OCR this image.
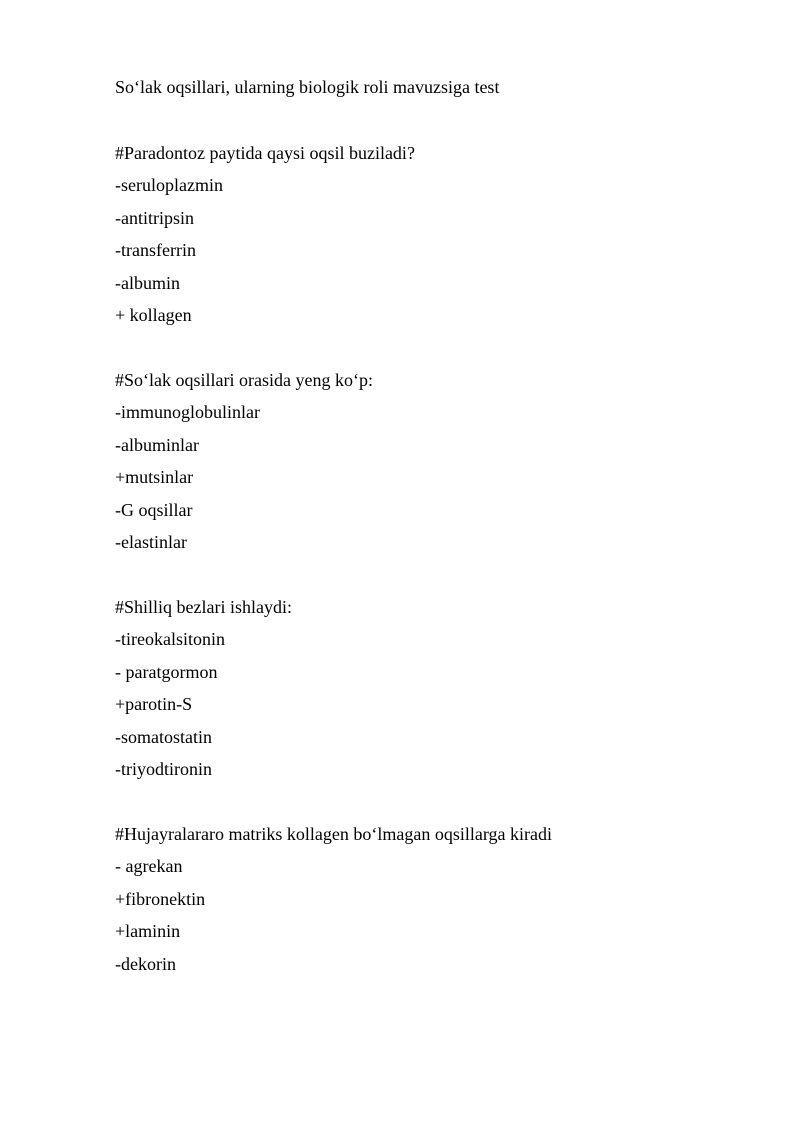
So‘lak oqsillari, ularning biologik roli mavuzsiga test
#Paradontoz paytida qaysi oqsil buziladi?
-seruloplazmin
-antitripsin
-transferrin
-albumin
+ kollagen
#So‘lak oqsillari orasida yeng ko‘p:
-immunoglobulinlar
-albuminlar
+mutsinlar
-G oqsillar
-elastinlar
#Shilliq bezlari ishlaydi:
-tireokalsitonin
- paratgormon
+parotin-S
-somatostatin
-triyodtironin
#Hujayralararo matriks kollagen bo‘lmagan oqsillarga kiradi
- agrekan
+fibronektin
+laminin
-dekorin
